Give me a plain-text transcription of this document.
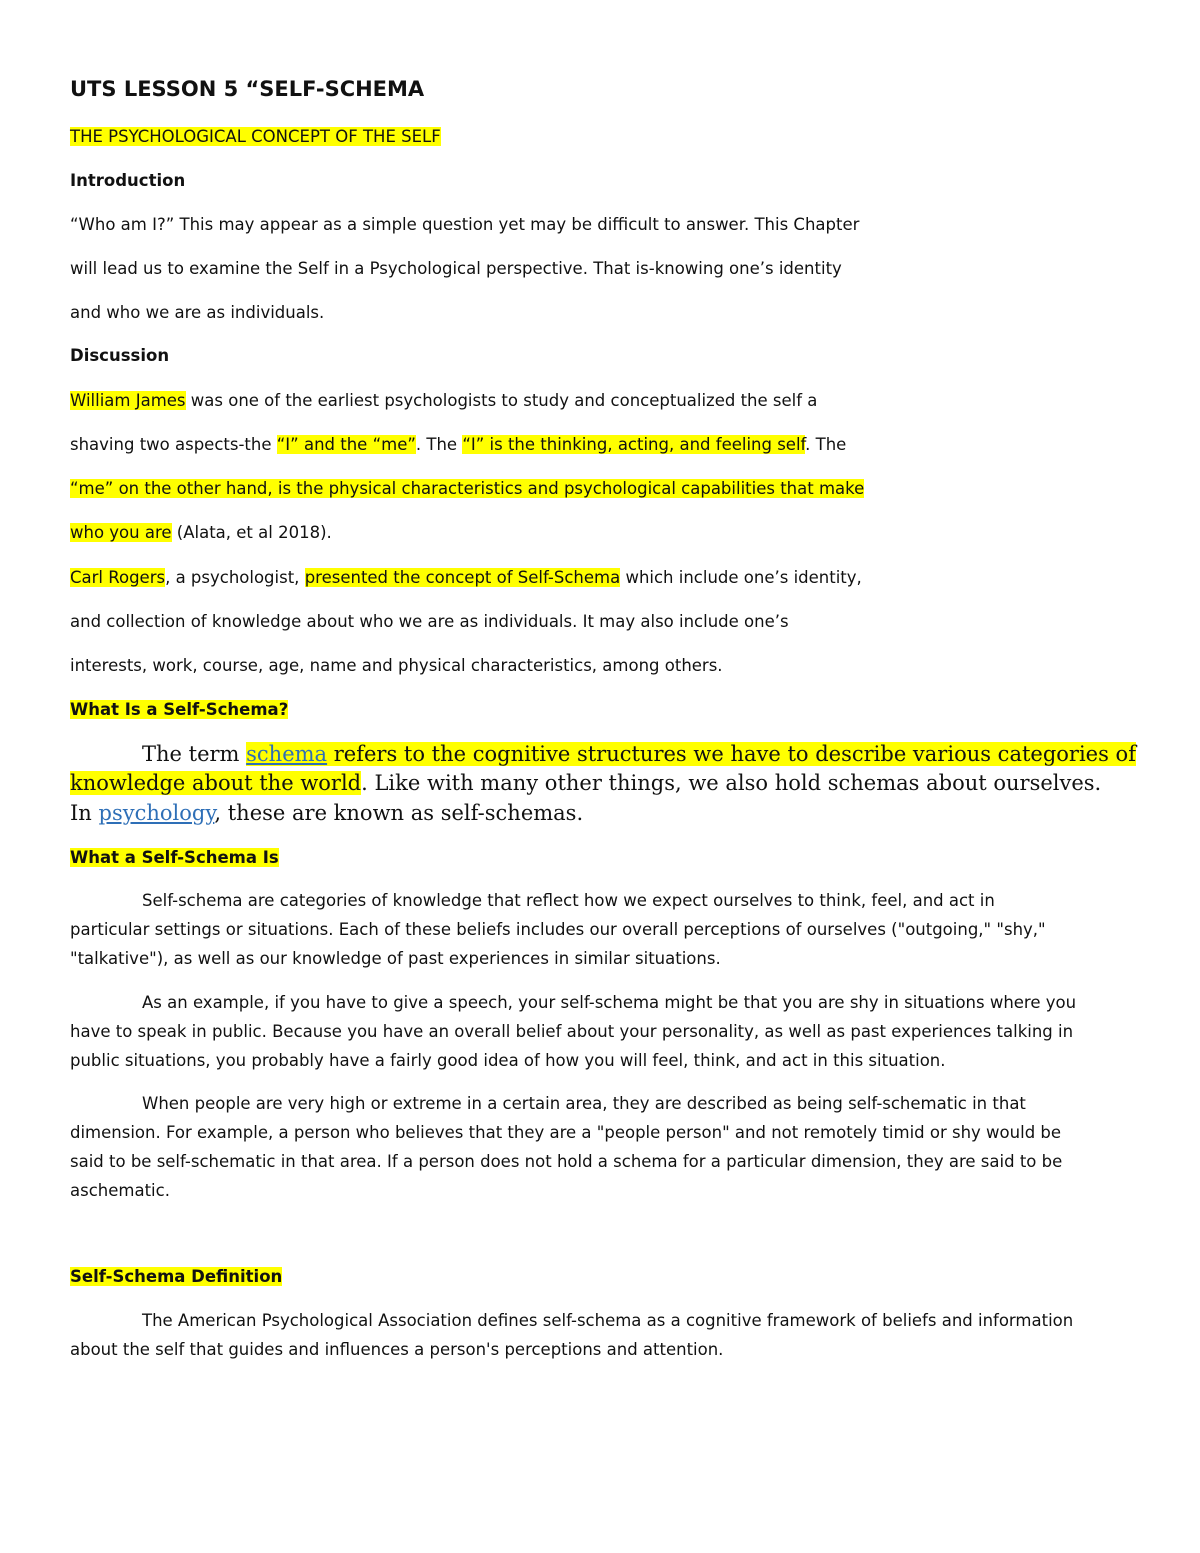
UTS LESSON 5 “SELF-SCHEMA

THE PSYCHOLOGICAL CONCEPT OF THE SELF

Introduction

“Who am I?” This may appear as a simple question yet may be difficult to answer. This Chapter

will lead us to examine the Self in a Psychological perspective. That is-knowing one’s identity

and who we are as individuals.

Discussion

William James was one of the earliest psychologists to study and conceptualized the self a

shaving two aspects-the “I” and the “me”. The “I” is the thinking, acting, and feeling self. The

“me” on the other hand, is the physical characteristics and psychological capabilities that make

who you are (Alata, et al 2018).

Carl Rogers, a psychologist, presented the concept of Self-Schema which include one’s identity,

and collection of knowledge about who we are as individuals. It may also include one’s

interests, work, course, age, name and physical characteristics, among others.

What Is a Self-Schema?

The term schema refers to the cognitive structures we have to describe various categories of

knowledge about the world. Like with many other things, we also hold schemas about ourselves.

In psychology, these are known as self-schemas.

What a Self-Schema Is

Self-schema are categories of knowledge that reflect how we expect ourselves to think, feel, and act in

particular settings or situations. Each of these beliefs includes our overall perceptions of ourselves ("outgoing," "shy,"

"talkative"), as well as our knowledge of past experiences in similar situations.

As an example, if you have to give a speech, your self-schema might be that you are shy in situations where you

have to speak in public. Because you have an overall belief about your personality, as well as past experiences talking in

public situations, you probably have a fairly good idea of how you will feel, think, and act in this situation.

When people are very high or extreme in a certain area, they are described as being self-schematic in that

dimension. For example, a person who believes that they are a "people person" and not remotely timid or shy would be

said to be self-schematic in that area. If a person does not hold a schema for a particular dimension, they are said to be

aschematic.

Self-Schema Definition

The American Psychological Association defines self-schema as a cognitive framework of beliefs and information

about the self that guides and influences a person's perceptions and attention.
